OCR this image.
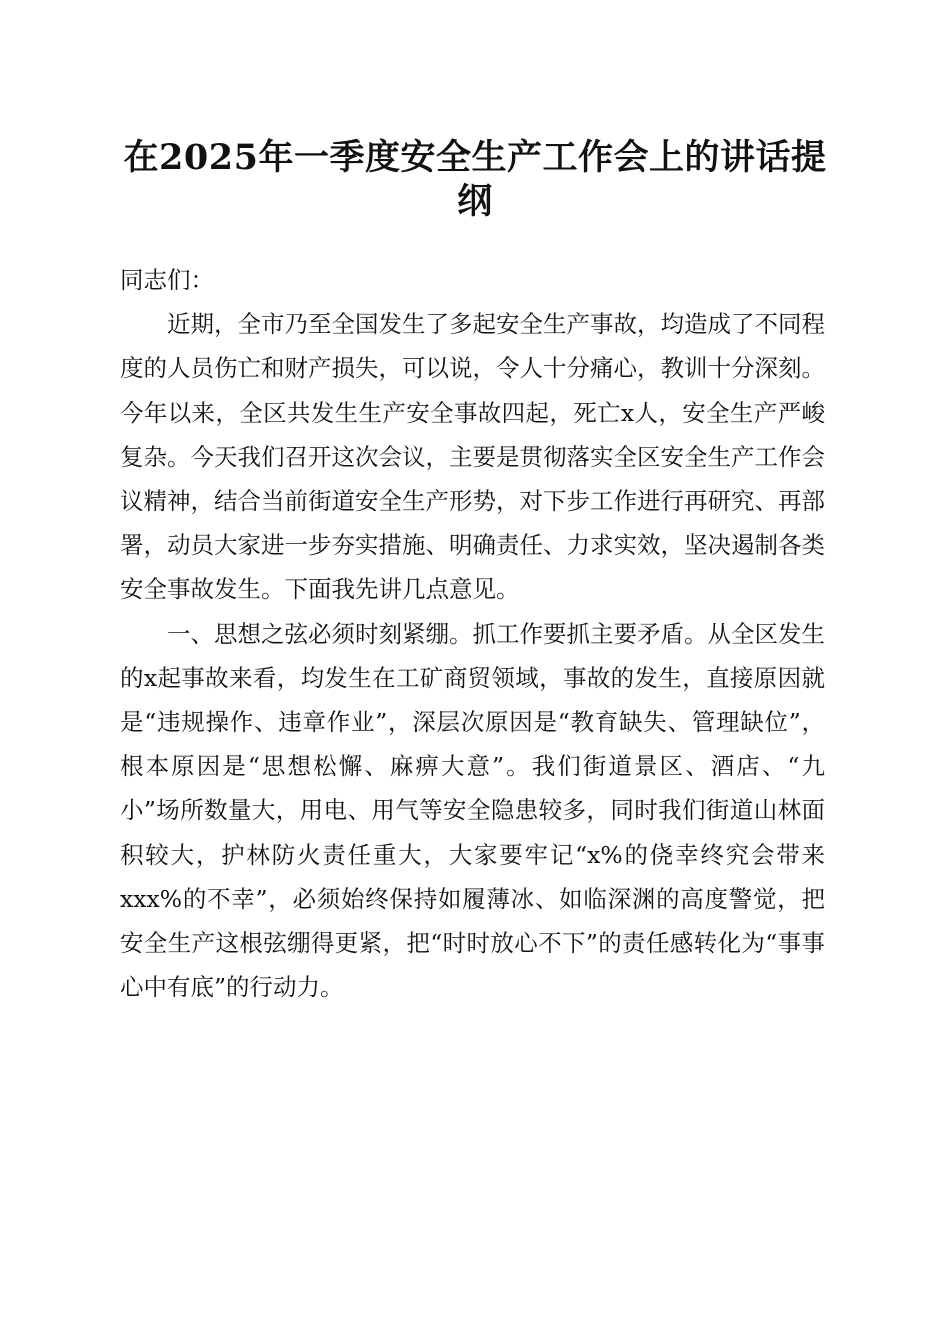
在2025年一季度安全生产工作会上的讲话提纲

同志们：

近期，全市乃至全国发生了多起安全生产事故，均造成了不同程度的人员伤亡和财产损失，可以说，令人十分痛心，教训十分深刻。今年以来，全区共发生生产安全事故四起，死亡x人，安全生产严峻复杂。今天我们召开这次会议，主要是贯彻落实全区安全生产工作会议精神，结合当前街道安全生产形势，对下步工作进行再研究、再部署，动员大家进一步夯实措施、明确责任、力求实效，坚决遏制各类安全事故发生。下面我先讲几点意见。

一、思想之弦必须时刻紧绷。抓工作要抓主要矛盾。从全区发生的x起事故来看，均发生在工矿商贸领域，事故的发生，直接原因就是“违规操作、违章作业”，深层次原因是“教育缺失、管理缺位”，根本原因是“思想松懈、麻痹大意”。我们街道景区、酒店、“九小”场所数量大，用电、用气等安全隐患较多，同时我们街道山林面积较大，护林防火责任重大，大家要牢记“x%的侥幸终究会带来xxx%的不幸”，必须始终保持如履薄冰、如临深渊的高度警觉，把安全生产这根弦绷得更紧，把“时时放心不下”的责任感转化为“事事心中有底”的行动力。
